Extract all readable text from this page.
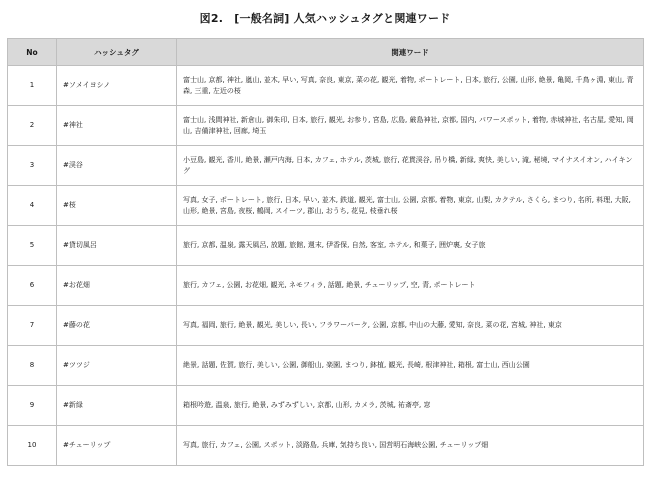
図2.　[一般名詞] 人気ハッシュタグと関連ワード
No	ハッシュタグ	関連ワード
1	#ソメイヨシノ	富士山, 京都, 神社, 嵐山, 並木, 早い, 写真, 奈良, 東京, 菜の花, 観光, 着物, ポートレート, 日本, 旅行, 公園, 山形, 絶景, 亀岡, 千鳥ヶ淵, 東山, 青森, 三重, 左近の桜
2	#神社	富士山, 浅間神社, 新倉山, 御朱印, 日本, 旅行, 観光, お参り, 宮島, 広島, 厳島神社, 京都, 国内, パワースポット, 着物, 赤城神社, 名古屋, 愛知, 岡山, 吉備津神社, 回廊, 埼玉
3	#渓谷	小豆島, 観光, 香川, 絶景, 瀬戸内海, 日本, カフェ, ホテル, 茨城, 旅行, 花貫渓谷, 吊り橋, 新緑, 爽快, 美しい, 滝, 秘境, マイナスイオン, ハイキング
4	#桜	写真, 女子, ポートレート, 旅行, 日本, 早い, 並木, 鉄道, 観光, 富士山, 公園, 京都, 着物, 東京, 山梨, カクテル, さくら, まつり, 名所, 料理, 大阪, 山形, 絶景, 宮島, 夜桜, 鶴岡, スイーツ, 郡山, おうち, 花見, 枝垂れ桜
5	#貸切風呂	旅行, 京都, 温泉, 露天風呂, 放題, 旅館, 週末, 伊香保, 自然, 客室, ホテル, 和菓子, 囲炉裏, 女子旅
6	#お花畑	旅行, カフェ, 公園, お花畑, 観光, ネモフィラ, 話題, 絶景, チューリップ, 空, 青, ポートレート
7	#藤の花	写真, 福岡, 旅行, 絶景, 観光, 美しい, 長い, フラワーパーク, 公園, 京都, 中山の大藤, 愛知, 奈良, 菜の花, 宮城, 神社, 東京
8	#ツツジ	絶景, 話題, 佐賀, 旅行, 美しい, 公園, 御船山, 楽園, まつり, 鉢植, 観光, 長崎, 根津神社, 箱根, 富士山, 西山公園
9	#新緑	箱根吟遊, 温泉, 旅行, 絶景, みずみずしい, 京都, 山形, カメラ, 茨城, 祐斎亭, 窓
10	#チューリップ	写真, 旅行, カフェ, 公園, スポット, 淡路島, 兵庫, 気持ち良い, 国営明石海峡公園, チューリップ畑
